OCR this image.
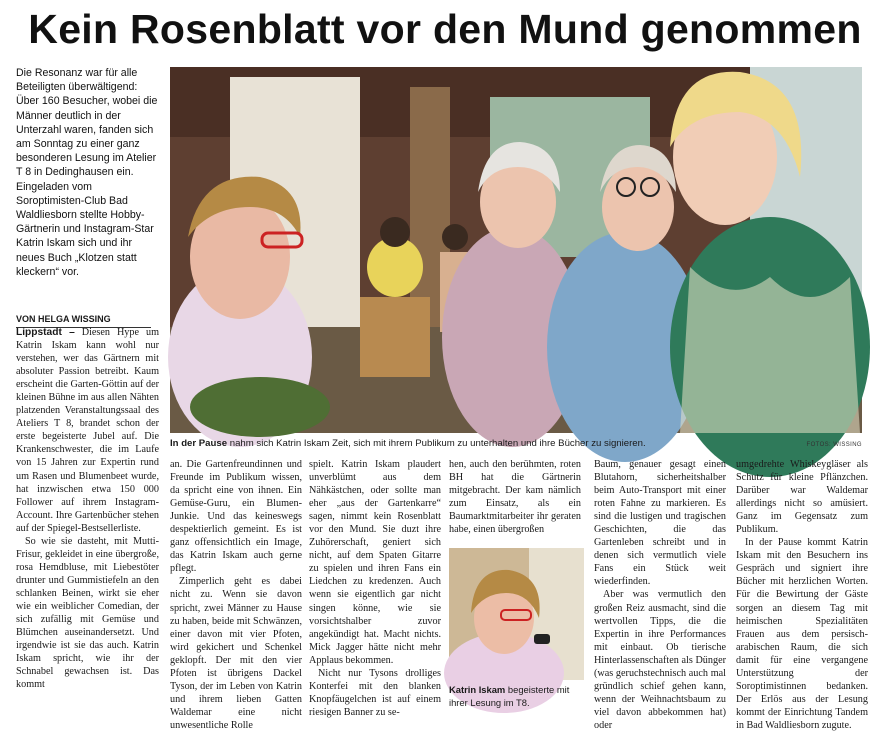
Kein Rosenblatt vor den Mund genommen
Die Resonanz war für alle Beteiligten überwältigend: Über 160 Besucher, wobei die Männer deutlich in der Unterzahl waren, fanden sich am Sonntag zu einer ganz besonderen Lesung im Atelier T 8 in Dedinghausen ein. Eingeladen vom Soroptimisten-Club Bad Waldliesborn stellte Hobby-Gärtnerin und Instagram-Star Katrin Iskam sich und ihr neues Buch „Klotzen statt kleckern“ vor.
VON HELGA WISSING
In der Pause nahm sich Katrin Iskam Zeit, sich mit ihrem Publikum zu unterhalten und ihre Bücher zu signieren.	FOTOS: WISSING

Lippstadt – Diesen Hype um Katrin Iskam kann wohl nur verstehen, wer das Gärtnern mit absoluter Passion betreibt. Kaum erscheint die Garten-Göttin auf der kleinen Bühne im aus allen Nähten platzenden Veranstaltungssaal des Ateliers T 8, brandet schon der erste begeisterte Jubel auf. Die Krankenschwester, die im Laufe von 15 Jahren zur Expertin rund um Rasen und Blumenbeet wurde, hat inzwischen etwa 150 000 Follower auf ihrem Instagram-Account. Ihre Gartenbücher stehen auf der Spiegel-Bestsellerliste.

So wie sie dasteht, mit Mutti-Frisur, gekleidet in eine übergroße, rosa Hemdbluse, mit Liebestöter drunter und Gummistiefeln an den schlanken Beinen, wirkt sie eher wie ein weiblicher Comedian, der sich zufällig mit Gemüse und Blümchen auseinandersetzt. Und irgendwie ist sie das auch. Katrin Iskam spricht, wie ihr der Schnabel gewachsen ist. Das kommt

an. Die Gartenfreundinnen und Freunde im Publikum wissen, da spricht eine von ihnen. Ein Gemüse-Guru, ein Blumen-Junkie. Und das keineswegs despektierlich gemeint. Es ist ganz offensichtlich ein Image, das Katrin Iskam auch gerne pflegt.

Zimperlich geht es dabei nicht zu. Wenn sie davon spricht, zwei Männer zu Hause zu haben, beide mit Schwänzen, einer davon mit vier Pfoten, wird gekichert und Schenkel geklopft. Der mit den vier Pfoten ist übrigens Dackel Tyson, der im Leben von Katrin und ihrem lieben Gatten Waldemar eine nicht unwesentliche Rolle

spielt. Katrin Iskam plaudert unverblümt aus dem Nähkästchen, oder sollte man eher „aus der Gartenkarre“ sagen, nimmt kein Rosenblatt vor den Mund. Sie duzt ihre Zuhörerschaft, geniert sich nicht, auf dem Spaten Gitarre zu spielen und ihren Fans ein Liedchen zu kredenzen. Auch wenn sie eigentlich gar nicht singen könne, wie sie vorsichtshalber zuvor angekündigt hat. Macht nichts. Mick Jagger hätte nicht mehr Applaus bekommen.

Nicht nur Tysons drolliges Konterfei mit den blanken Knopfäugelchen ist auf einem riesigen Banner zu se-

hen, auch den berühmten, roten BH hat die Gärtnerin mitgebracht. Der kam nämlich zum Einsatz, als ein Baumarktmitarbeiter ihr geraten habe, einen übergroßen

Katrin Iskam begeisterte mit ihrer Lesung im T8.

Baum, genauer gesagt einen Blutahorn, sicherheitshalber beim Auto-Transport mit einer roten Fahne zu markieren. Es sind die lustigen und tragischen Geschichten, die das Gartenleben schreibt und in denen sich vermutlich viele Fans ein Stück weit wiederfinden.

Aber was vermutlich den großen Reiz ausmacht, sind die wertvollen Tipps, die die Expertin in ihre Performances mit einbaut. Ob tierische Hinterlassenschaften als Dünger (was geruchstechnisch auch mal gründlich schief gehen kann, wenn der Weihnachtsbaum zu viel davon abbekommen hat) oder

umgedrehte Whiskeygläser als Schutz für kleine Pflänzchen. Darüber war Waldemar allerdings nicht so amüsiert. Ganz im Gegensatz zum Publikum.

In der Pause kommt Katrin Iskam mit den Besuchern ins Gespräch und signiert ihre Bücher mit herzlichen Worten. Für die Bewirtung der Gäste sorgen an diesem Tag mit heimischen Spezialitäten Frauen aus dem persisch-arabischen Raum, die sich damit für eine vergangene Unterstützung der Soroptimistinnen bedanken. Der Erlös aus der Lesung kommt der Einrichtung Tandem in Bad Waldliesborn zugute.
